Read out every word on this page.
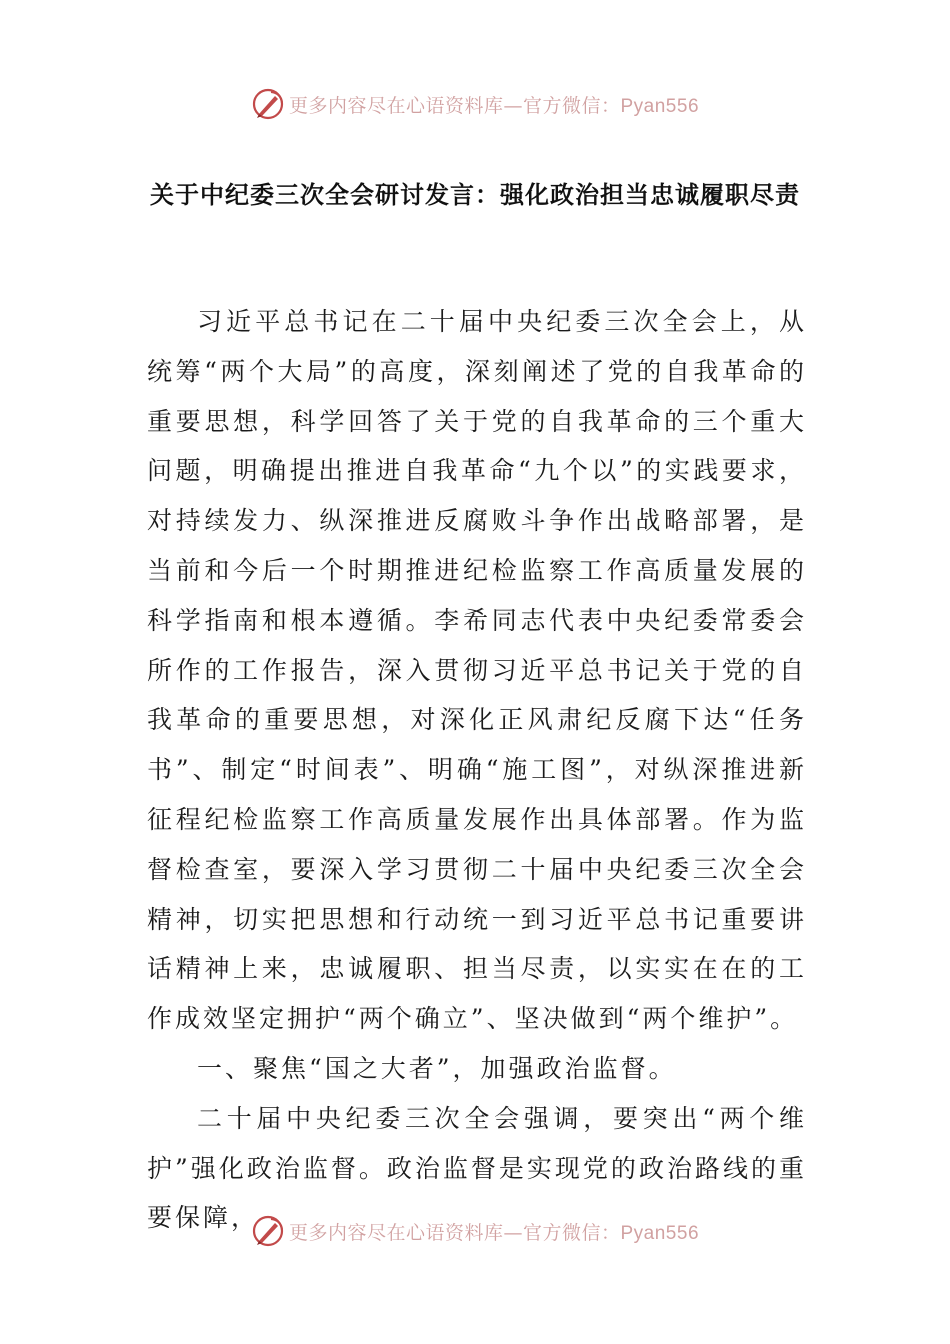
更多内容尽在心语资料库—官方微信：Pyan556
关于中纪委三次全会研讨发言：强化政治担当忠诚履职尽责

习近平总书记在二十届中央纪委三次全会上，从统筹“两个大局”的高度，深刻阐述了党的自我革命的重要思想，科学回答了关于党的自我革命的三个重大问题，明确提出推进自我革命“九个以”的实践要求，对持续发力、纵深推进反腐败斗争作出战略部署，是当前和今后一个时期推进纪检监察工作高质量发展的科学指南和根本遵循。李希同志代表中央纪委常委会所作的工作报告，深入贯彻习近平总书记关于党的自我革命的重要思想，对深化正风肃纪反腐下达“任务书”、制定“时间表”、明确“施工图”，对纵深推进新征程纪检监察工作高质量发展作出具体部署。作为监督检查室，要深入学习贯彻二十届中央纪委三次全会精神，切实把思想和行动统一到习近平总书记重要讲话精神上来，忠诚履职、担当尽责，以实实在在的工作成效坚定拥护“两个确立”、坚决做到“两个维护”。

一、聚焦“国之大者”，加强政治监督。

二十届中央纪委三次全会强调，要突出“两个维护”强化政治监督。政治监督是实现党的政治路线的重要保障，

更多内容尽在心语资料库—官方微信：Pyan556
